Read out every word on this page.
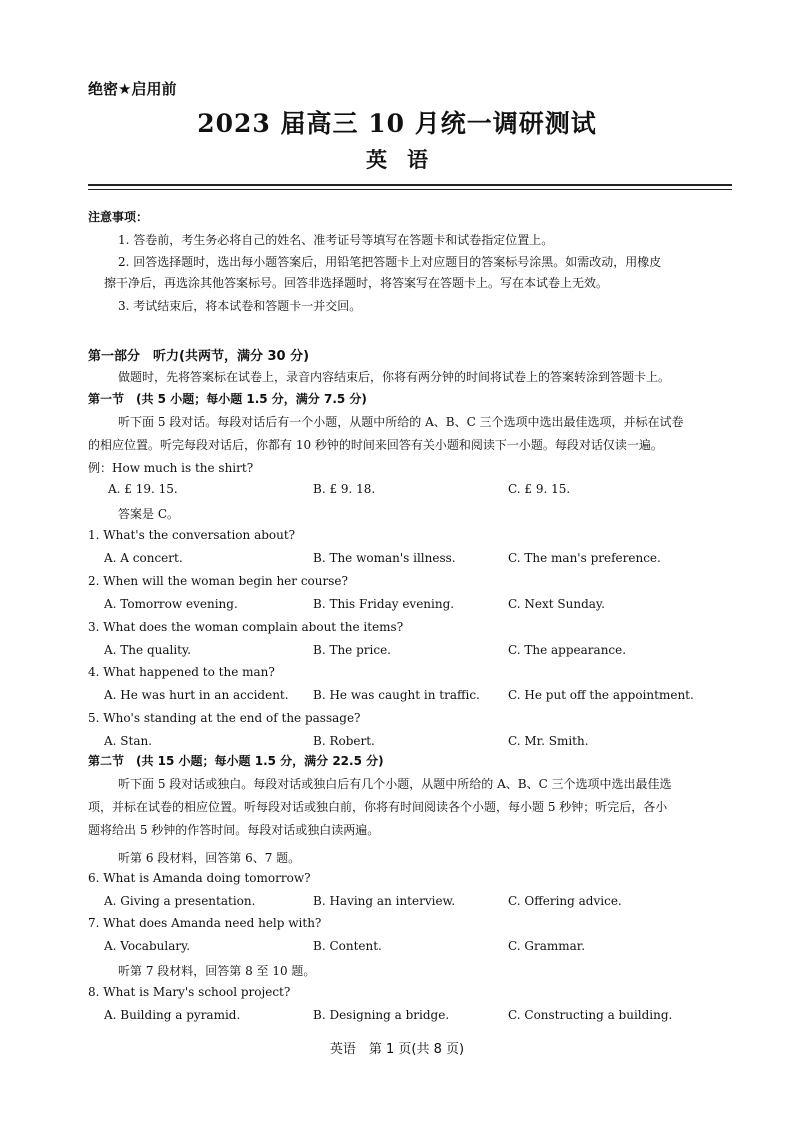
绝密★启用前
2023 届高三 10 月统一调研测试
英语
注意事项：
1. 答卷前，考生务必将自己的姓名、准考证号等填写在答题卡和试卷指定位置上。
2. 回答选择题时，选出每小题答案后，用铅笔把答题卡上对应题目的答案标号涂黑。如需改动，用橡皮
擦干净后，再选涂其他答案标号。回答非选择题时，将答案写在答题卡上。写在本试卷上无效。
3. 考试结束后，将本试卷和答题卡一并交回。
第一部分　听力(共两节，满分 30 分)
做题时，先将答案标在试卷上，录音内容结束后，你将有两分钟的时间将试卷上的答案转涂到答题卡上。
第一节　(共 5 小题；每小题 1.5 分，满分 7.5 分)
听下面 5 段对话。每段对话后有一个小题，从题中所给的 A、B、C 三个选项中选出最佳选项，并标在试卷
的相应位置。听完每段对话后，你都有 10 秒钟的时间来回答有关小题和阅读下一小题。每段对话仅读一遍。
例：How much is the shirt?
A. £ 19. 15.	B. £ 9. 18.	C. £ 9. 15.
答案是 C。
1. What's the conversation about?
A. A concert.	B. The woman's illness.	C. The man's preference.
2. When will the woman begin her course?
A. Tomorrow evening.	B. This Friday evening.	C. Next Sunday.
3. What does the woman complain about the items?
A. The quality.	B. The price.	C. The appearance.
4. What happened to the man?
A. He was hurt in an accident. B. He was caught in traffic. C. He put off the appointment.
5. Who's standing at the end of the passage?
A. Stan.	B. Robert.	C. Mr. Smith.
第二节　(共 15 小题；每小题 1.5 分，满分 22.5 分)
听下面 5 段对话或独白。每段对话或独白后有几个小题，从题中所给的 A、B、C 三个选项中选出最佳选
项，并标在试卷的相应位置。听每段对话或独白前，你将有时间阅读各个小题，每小题 5 秒钟；听完后，各小
题将给出 5 秒钟的作答时间。每段对话或独白读两遍。
听第 6 段材料，回答第 6、7 题。
6. What is Amanda doing tomorrow?
A. Giving a presentation.	B. Having an interview.	C. Offering advice.
7. What does Amanda need help with?
A. Vocabulary.	B. Content.	C. Grammar.
听第 7 段材料，回答第 8 至 10 题。
8. What is Mary's school project?
A. Building a pyramid.	B. Designing a bridge.	C. Constructing a building.
英语　第 1 页(共 8 页)
